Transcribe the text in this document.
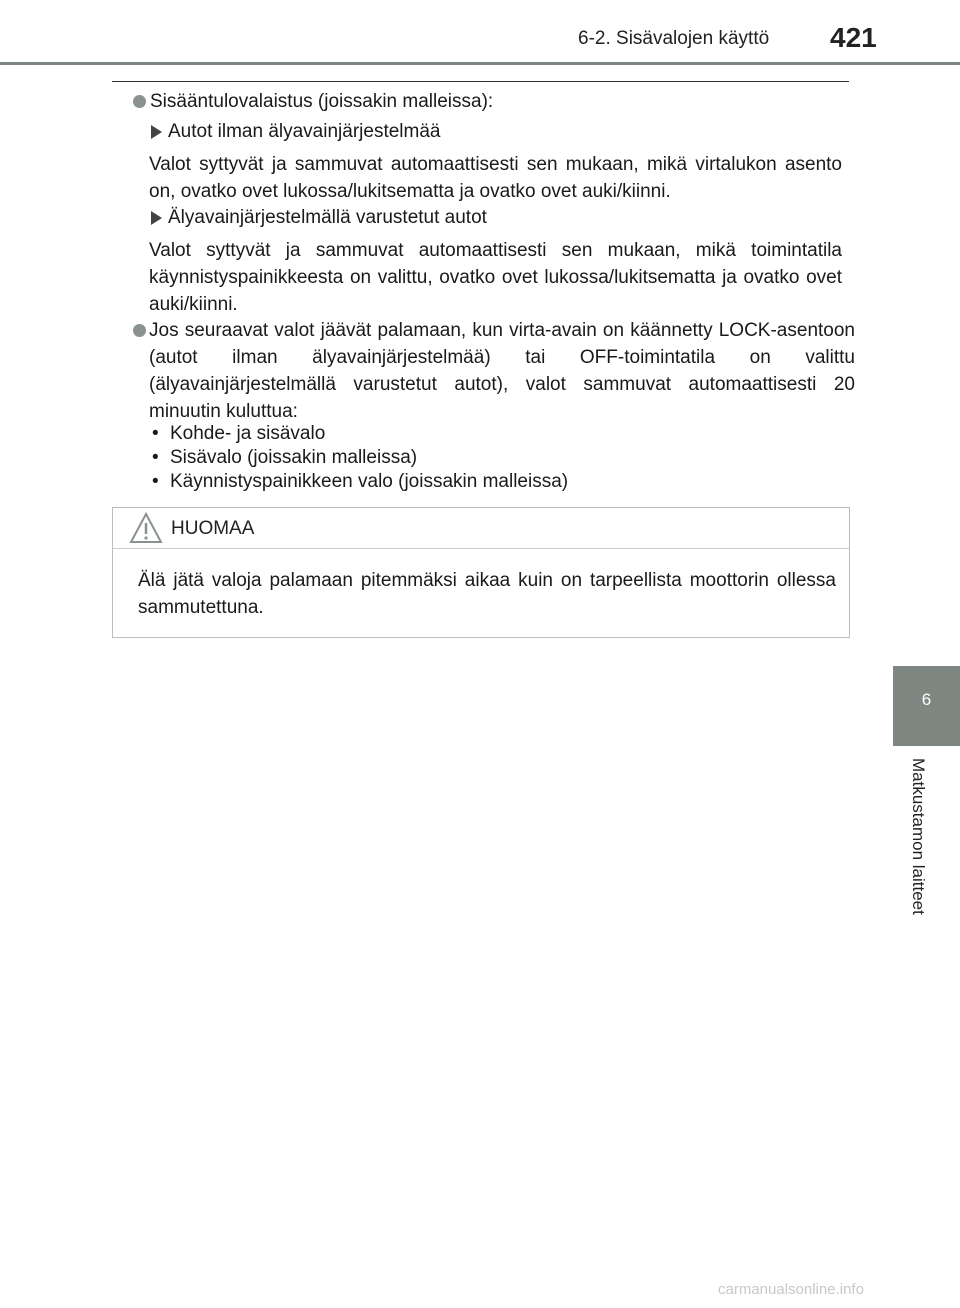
6-2. Sisävalojen käyttö 421
6
Matkustamon laitteet
Sisääntulovalaistus (joissakin malleissa):
Autot ilman älyavainjärjestelmää
Valot syttyvät ja sammuvat automaattisesti sen mukaan, mikä virtalukon asento on, ovatko ovet lukossa/lukitsematta ja ovatko ovet auki/kiinni.
Älyavainjärjestelmällä varustetut autot
Valot syttyvät ja sammuvat automaattisesti sen mukaan, mikä toimintatila käynnistyspainikkeesta on valittu, ovatko ovet lukossa/lukitsematta ja ovatko ovet auki/kiinni.
Jos seuraavat valot jäävät palamaan, kun virta-avain on käännetty LOCK-asentoon (autot ilman älyavainjärjestelmää) tai OFF-toimintatila on valittu (älyavainjärjestelmällä varustetut autot), valot sammuvat automaattisesti 20 minuutin kuluttua:
• Kohde- ja sisävalo
• Sisävalo (joissakin malleissa)
• Käynnistyspainikkeen valo (joissakin malleissa)
HUOMAA
Älä jätä valoja palamaan pitemmäksi aikaa kuin on tarpeellista moottorin ollessa sammutettuna.
carmanualsonline.info
